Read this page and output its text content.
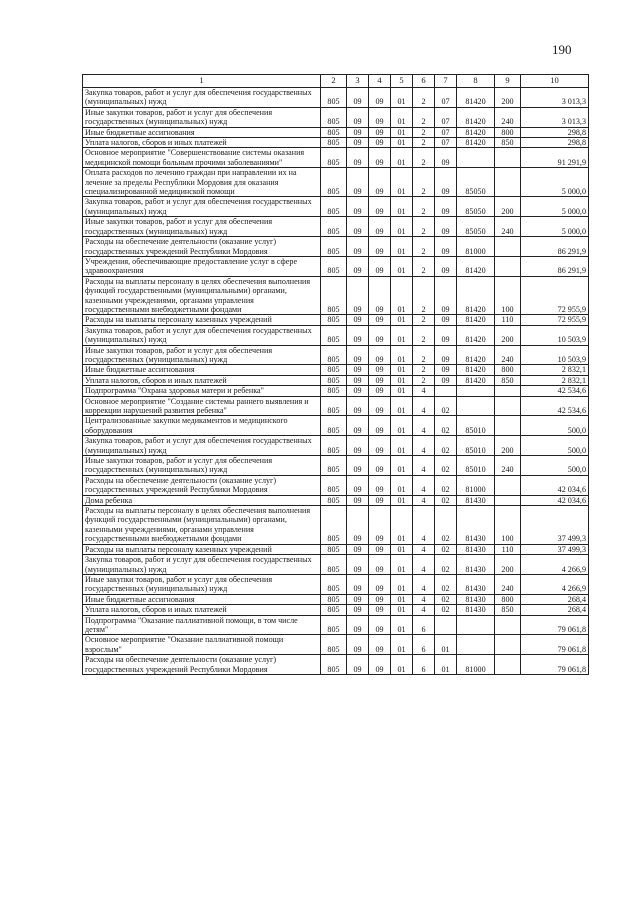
190
1	2	3	4	5	6	7	8	9	10
Закупка товаров, работ и услуг для обеспечения государственных (муниципальных) нужд	805	09	09	01	2	07	81420	200	3 013,3
Иные закупки товаров, работ и услуг для обеспечения государственных (муниципальных) нужд	805	09	09	01	2	07	81420	240	3 013,3
Иные бюджетные ассигнования	805	09	09	01	2	07	81420	800	298,8
Уплата налогов, сборов и иных платежей	805	09	09	01	2	07	81420	850	298,8
Основное мероприятие "Совершенствование системы оказания медицинской помощи больным прочими заболеваниями"	805	09	09	01	2	09			91 291,9
Оплата расходов по лечению граждан при направлении их на лечение за пределы Республики Мордовия для оказания специализированной медицинской помощи	805	09	09	01	2	09	85050		5 000,0
Закупка товаров, работ и услуг для обеспечения государственных (муниципальных) нужд	805	09	09	01	2	09	85050	200	5 000,0
Иные закупки товаров, работ и услуг для обеспечения государственных (муниципальных) нужд	805	09	09	01	2	09	85050	240	5 000,0
Расходы на обеспечение деятельности (оказание услуг) государственных учреждений Республики Мордовия	805	09	09	01	2	09	81000		86 291,9
Учреждения, обеспечивающие предоставление услуг в сфере здравоохранения	805	09	09	01	2	09	81420		86 291,9
Расходы на выплаты персоналу в целях обеспечения выполнения функций государственными (муниципальными) органами, казенными учреждениями, органами управления государственными внебюджетными фондами	805	09	09	01	2	09	81420	100	72 955,9
Расходы на выплаты персоналу казенных учреждений	805	09	09	01	2	09	81420	110	72 955,9
Закупка товаров, работ и услуг для обеспечения государственных (муниципальных) нужд	805	09	09	01	2	09	81420	200	10 503,9
Иные закупки товаров, работ и услуг для обеспечения государственных (муниципальных) нужд	805	09	09	01	2	09	81420	240	10 503,9
Иные бюджетные ассигнования	805	09	09	01	2	09	81420	800	2 832,1
Уплата налогов, сборов и иных платежей	805	09	09	01	2	09	81420	850	2 832,1
Подпрограмма "Охрана здоровья матери и ребенка"	805	09	09	01	4				42 534,6
Основное мероприятие "Создание системы раннего выявления и коррекции нарушений развития ребенка"	805	09	09	01	4	02			42 534,6
Централизованные закупки медикаментов и медицинского оборудования	805	09	09	01	4	02	85010		500,0
Закупка товаров, работ и услуг для обеспечения государственных (муниципальных) нужд	805	09	09	01	4	02	85010	200	500,0
Иные закупки товаров, работ и услуг для обеспечения государственных (муниципальных) нужд	805	09	09	01	4	02	85010	240	500,0
Расходы на обеспечение деятельности (оказание услуг) государственных учреждений Республики Мордовия	805	09	09	01	4	02	81000		42 034,6
Дома ребенка	805	09	09	01	4	02	81430		42 034,6
Расходы на выплаты персоналу в целях обеспечения выполнения функций государственными (муниципальными) органами, казенными учреждениями, органами управления государственными внебюджетными фондами	805	09	09	01	4	02	81430	100	37 499,3
Расходы на выплаты персоналу казенных учреждений	805	09	09	01	4	02	81430	110	37 499,3
Закупка товаров, работ и услуг для обеспечения государственных (муниципальных) нужд	805	09	09	01	4	02	81430	200	4 266,9
Иные закупки товаров, работ и услуг для обеспечения государственных (муниципальных) нужд	805	09	09	01	4	02	81430	240	4 266,9
Иные бюджетные ассигнования	805	09	09	01	4	02	81430	800	268,4
Уплата налогов, сборов и иных платежей	805	09	09	01	4	02	81430	850	268,4
Подпрограмма "Оказание паллиативной помощи, в том числе детям"	805	09	09	01	6				79 061,8
Основное мероприятие "Оказание паллиативной помощи взрослым"	805	09	09	01	6	01			79 061,8
Расходы на обеспечение деятельности (оказание услуг) государственных учреждений Республики Мордовия	805	09	09	01	6	01	81000		79 061,8
